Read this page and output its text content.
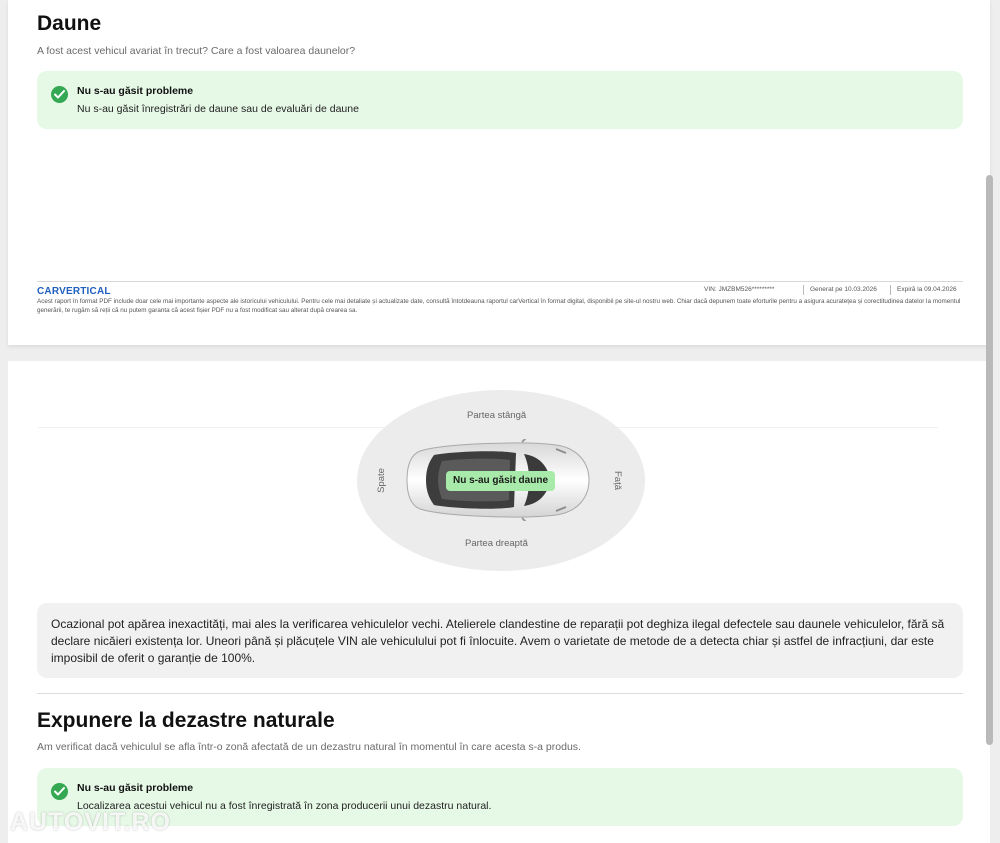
Daune
A fost acest vehicul avariat în trecut? Care a fost valoarea daunelor?
Nu s-au găsit probleme
Nu s-au găsit înregistrări de daune sau de evaluări de daune
CARVERTICAL	VIN: JMZBM526*********	Generat pe 10.03.2026	Expiră la 09.04.2026
Acest raport în format PDF include doar cele mai importante aspecte ale istoricului vehiculului. Pentru cele mai detaliate și actualizate date, consultă întotdeauna raportul carVertical în format digital, disponibil pe site-ul nostru web. Chiar dacă depunem toate eforturile pentru a asigura acuratețea și corectitudinea datelor la momentul generării, te rugăm să reții că nu putem garanta că acest fișier PDF nu a fost modificat sau alterat după crearea sa.
Partea stângă
Partea dreaptă
Spate	Față
Nu s-au găsit daune
Ocazional pot apărea inexactități, mai ales la verificarea vehiculelor vechi. Atelierele clandestine de reparații pot deghiza ilegal defectele sau daunele vehiculelor, fără să declare nicăieri existența lor. Uneori până și plăcuțele VIN ale vehiculului pot fi înlocuite. Avem o varietate de metode de a detecta chiar și astfel de infracțiuni, dar este imposibil de oferit o garanție de 100%.
Expunere la dezastre naturale
Am verificat dacă vehiculul se afla într-o zonă afectată de un dezastru natural în momentul în care acesta s-a produs.
Nu s-au găsit probleme
Localizarea acestui vehicul nu a fost înregistrată în zona producerii unui dezastru natural.
AUTOVIT.RO
